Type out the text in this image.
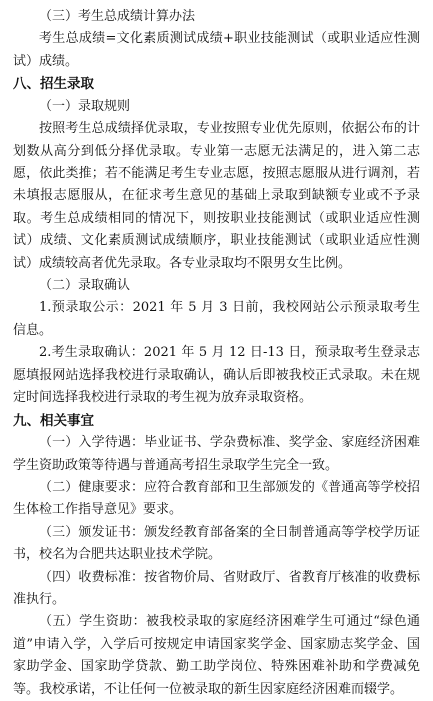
（三）考生总成绩计算办法

考生总成绩=文化素质测试成绩+职业技能测试（或职业适应性测试）成绩。

八、招生录取

（一）录取规则

按照考生总成绩择优录取，专业按照专业优先原则，依据公布的计划数从高分到低分择优录取。专业第一志愿无法满足的，进入第二志愿，依此类推；若不能满足考生专业志愿，按照志愿服从进行调剂，若未填报志愿服从，在征求考生意见的基础上录取到缺额专业或不予录取。考生总成绩相同的情况下，则按职业技能测试（或职业适应性测试）成绩、文化素质测试成绩顺序，职业技能测试（或职业适应性测试）成绩较高者优先录取。各专业录取均不限男女生比例。

（二）录取确认

1.预录取公示：2021 年 5 月 3 日前，我校网站公示预录取考生信息。

2.考生录取确认：2021 年 5 月 12 日-13 日，预录取考生登录志愿填报网站选择我校进行录取确认，确认后即被我校正式录取。未在规定时间选择我校进行录取的考生视为放弃录取资格。

九、相关事宜

（一）入学待遇：毕业证书、学杂费标准、奖学金、家庭经济困难学生资助政策等待遇与普通高考招生录取学生完全一致。

（二）健康要求：应符合教育部和卫生部颁发的《普通高等学校招生体检工作指导意见》要求。

（三）颁发证书：颁发经教育部备案的全日制普通高等学校学历证书，校名为合肥共达职业技术学院。

（四）收费标准：按省物价局、省财政厅、省教育厅核准的收费标准执行。

（五）学生资助：被我校录取的家庭经济困难学生可通过“绿色通道”申请入学，入学后可按规定申请国家奖学金、国家励志奖学金、国家助学金、国家助学贷款、勤工助学岗位、特殊困难补助和学费减免等。我校承诺，不让任何一位被录取的新生因家庭经济困难而辍学。
